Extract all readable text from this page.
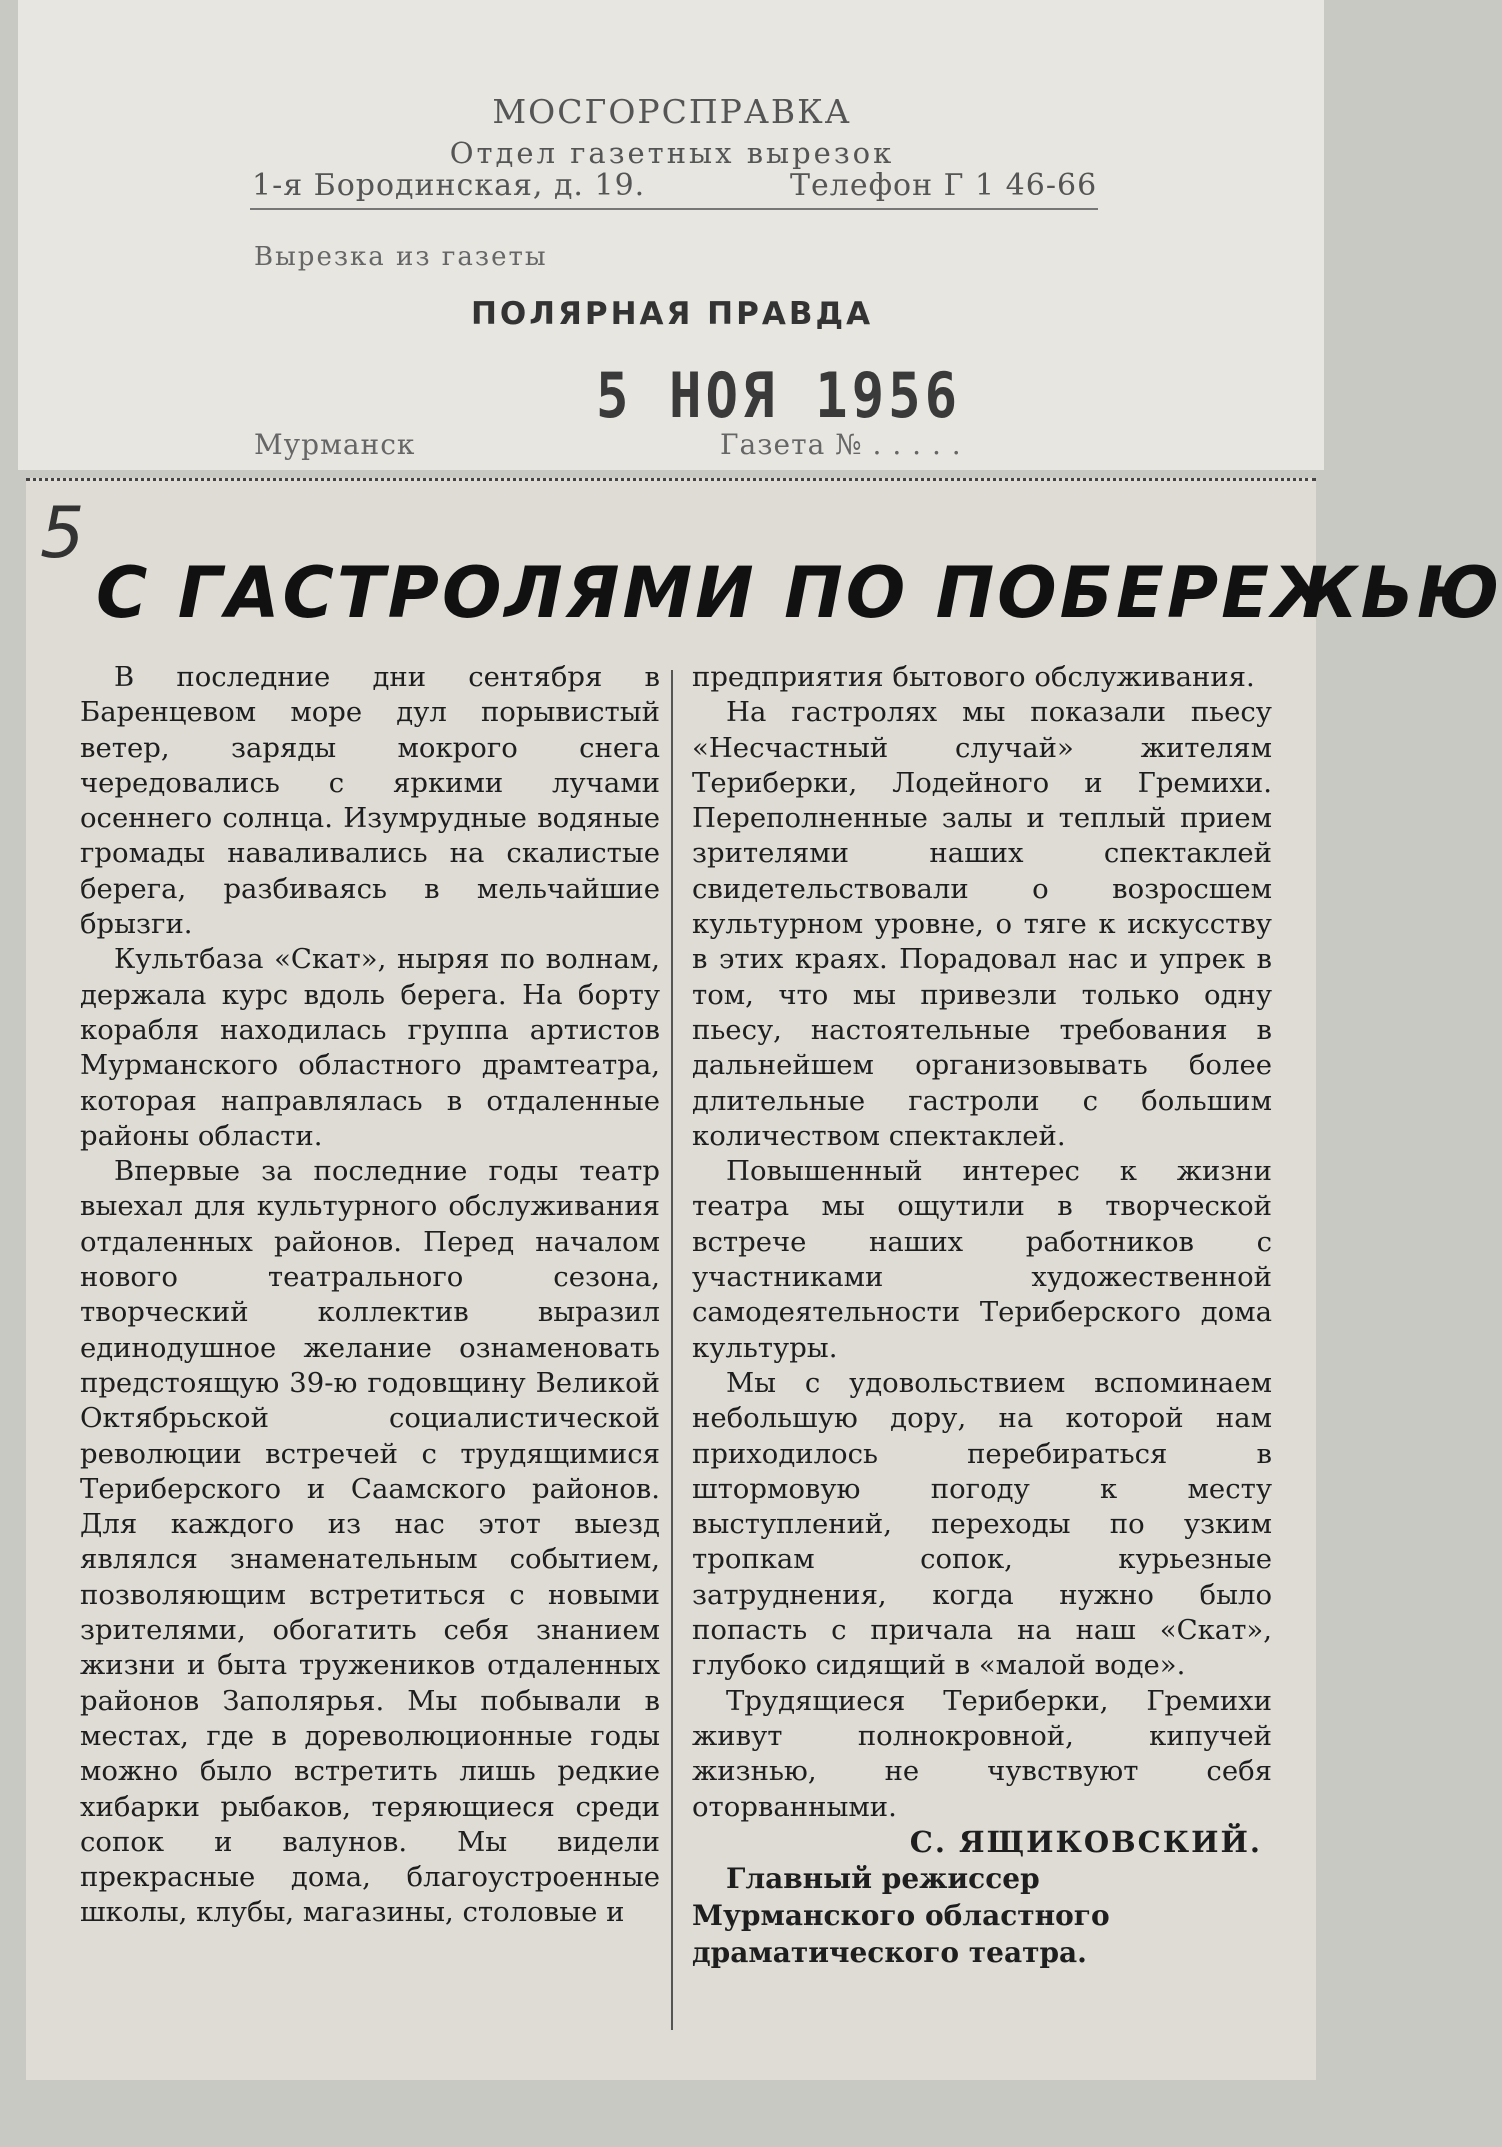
МОСГОРСПРАВКА
Отдел газетных вырезок
1-я Бородинская, д. 19.	Телефон Г 1 46-66
Вырезка из газеты
ПОЛЯРНАЯ ПРАВДА
5 НОЯ 1956
Мурманск	Газета № . . . . .
5
С ГАСТРОЛЯМИ ПО ПОБЕРЕЖЬЮ

В последние дни сентября в Баренцевом море дул порывистый ветер, заряды мокрого снега чередовались с яркими лучами осеннего солнца. Изумрудные водяные громады наваливались на скалистые берега, разбиваясь в мельчайшие брызги.

Культбаза «Скат», ныряя по волнам, держала курс вдоль берега. На борту корабля находилась группа артистов Мурманского областного драмтеатра, которая направлялась в отдаленные районы области.

Впервые за последние годы театр выехал для культурного обслуживания отдаленных районов. Перед началом нового театрального сезона, творческий коллектив выразил единодушное желание ознаменовать предстоящую 39-ю годовщину Великой Октябрьской социалистической революции встречей с трудящимися Териберского и Саамского районов. Для каждого из нас этот выезд являлся знаменательным событием, позволяющим встретиться с новыми зрителями, обогатить себя знанием жизни и быта тружеников отдаленных районов Заполярья. Мы побывали в местах, где в дореволюционные годы можно было встретить лишь редкие хибарки рыбаков, теряющиеся среди сопок и валунов. Мы видели прекрасные дома, благоустроенные школы, клубы, магазины, столовые и

предприятия бытового обслуживания.

На гастролях мы показали пьесу «Несчастный случай» жителям Териберки, Лодейного и Гремихи. Переполненные залы и теплый прием зрителями наших спектаклей свидетельствовали о возросшем культурном уровне, о тяге к искусству в этих краях. Порадовал нас и упрек в том, что мы привезли только одну пьесу, настоятельные требования в дальнейшем организовывать более длительные гастроли с большим количеством спектаклей.

Повышенный интерес к жизни театра мы ощутили в творческой встрече наших работников с участниками художественной самодеятельности Териберского дома культуры.

Мы с удовольствием вспоминаем небольшую дору, на которой нам приходилось перебираться в штормовую погоду к месту выступлений, переходы по узким тропкам сопок, курьезные затруднения, когда нужно было попасть с причала на наш «Скат», глубоко сидящий в «малой воде».

Трудящиеся Териберки, Гремихи живут полнокровной, кипучей жизнью, не чувствуют себя оторванными.

С. ЯЩИКОВСКИЙ.

Главный режиссер Мурманского областного драматического театра.
